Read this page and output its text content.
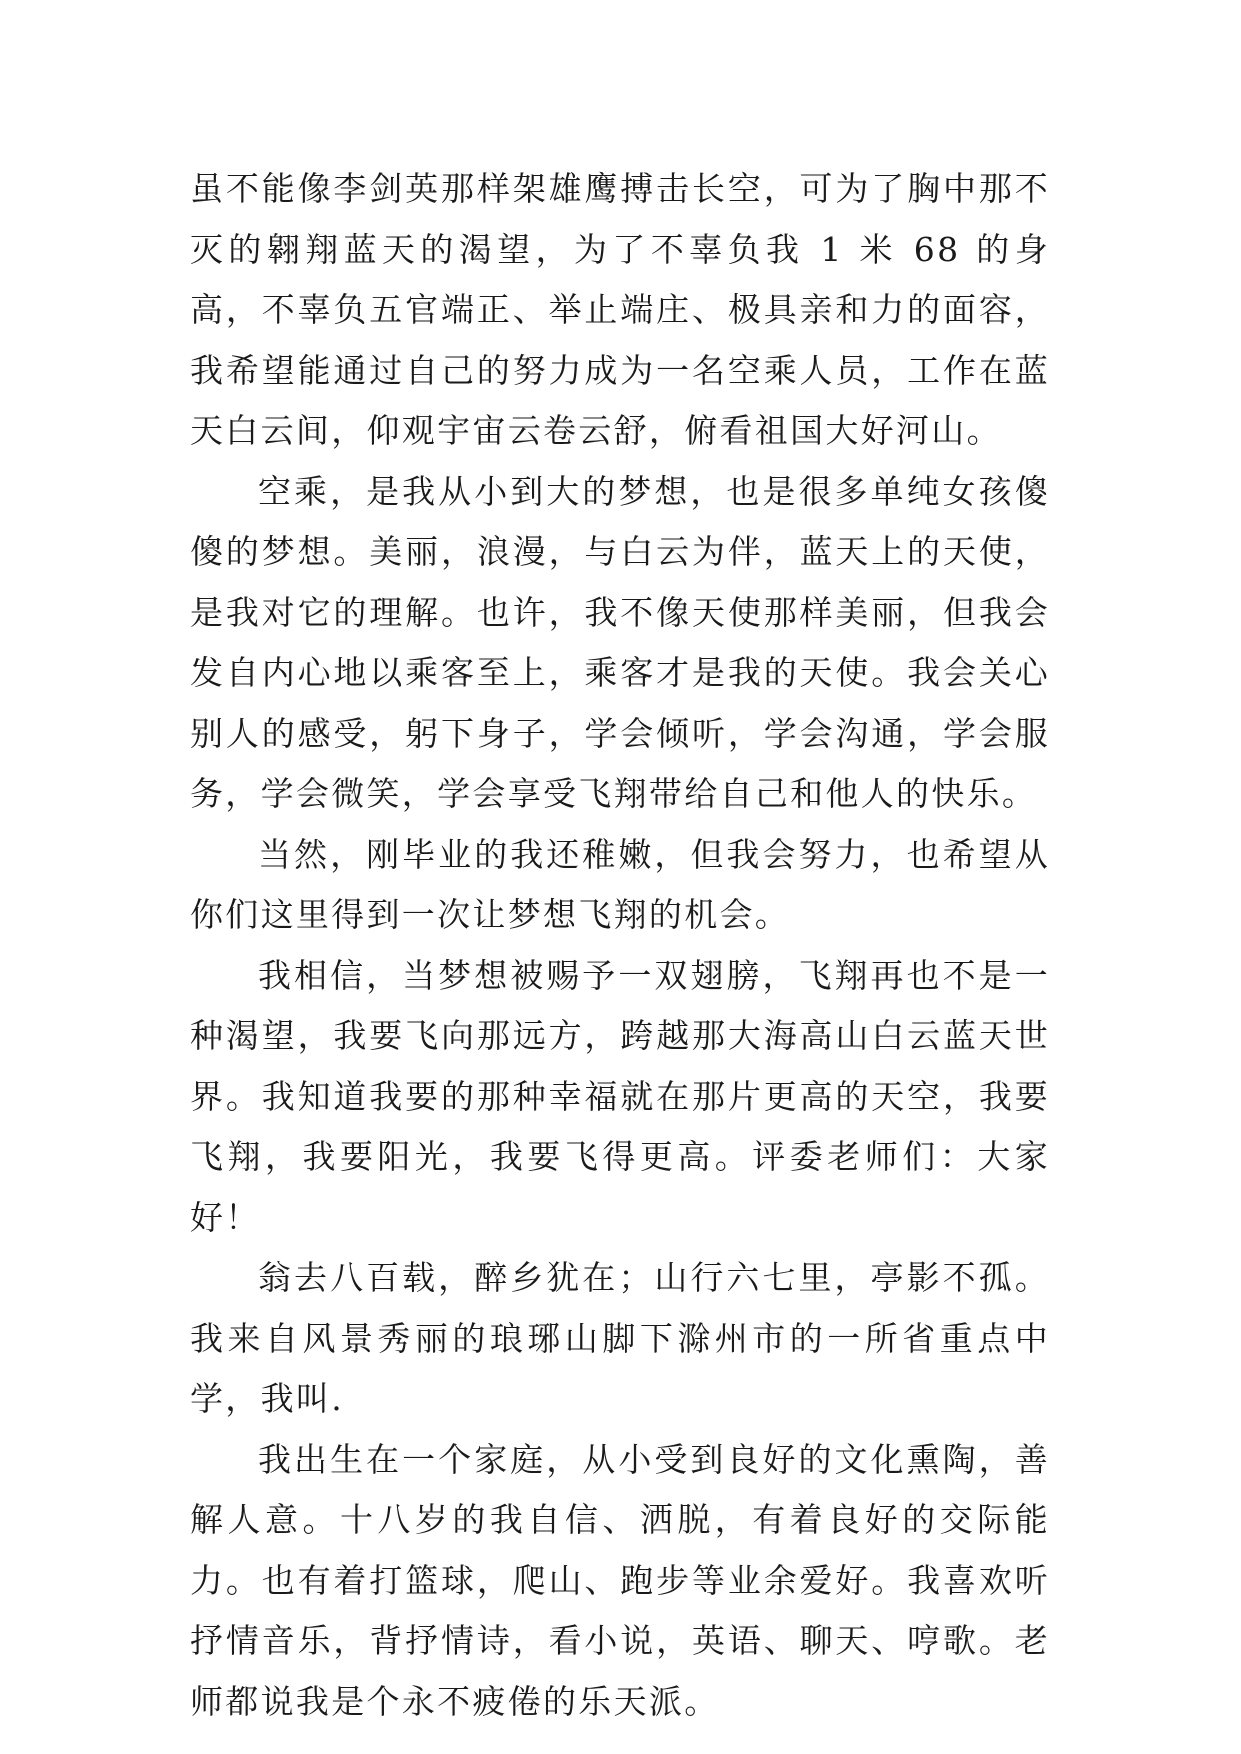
虽不能像李剑英那样架雄鹰搏击长空，可为了胸中那不灭的翱翔蓝天的渴望，为了不辜负我 1 米 68 的身高，不辜负五官端正、举止端庄、极具亲和力的面容，我希望能通过自己的努力成为一名空乘人员，工作在蓝天白云间，仰观宇宙云卷云舒，俯看祖国大好河山。

空乘，是我从小到大的梦想，也是很多单纯女孩傻傻的梦想。美丽，浪漫，与白云为伴，蓝天上的天使，是我对它的理解。也许，我不像天使那样美丽，但我会发自内心地以乘客至上，乘客才是我的天使。我会关心别人的感受，躬下身子，学会倾听，学会沟通，学会服务，学会微笑，学会享受飞翔带给自己和他人的快乐。

当然，刚毕业的我还稚嫩，但我会努力，也希望从你们这里得到一次让梦想飞翔的机会。

我相信，当梦想被赐予一双翅膀，飞翔再也不是一种渴望，我要飞向那远方，跨越那大海高山白云蓝天世界。我知道我要的那种幸福就在那片更高的天空，我要飞翔，我要阳光，我要飞得更高。评委老师们：大家好！

翁去八百载，醉乡犹在；山行六七里，亭影不孤。我来自风景秀丽的琅琊山脚下滁州市的一所省重点中学，我叫.

我出生在一个家庭，从小受到良好的文化熏陶，善解人意。十八岁的我自信、洒脱，有着良好的交际能力。也有着打篮球，爬山、跑步等业余爱好。我喜欢听抒情音乐，背抒情诗，看小说，英语、聊天、哼歌。老师都说我是个永不疲倦的乐天派。
